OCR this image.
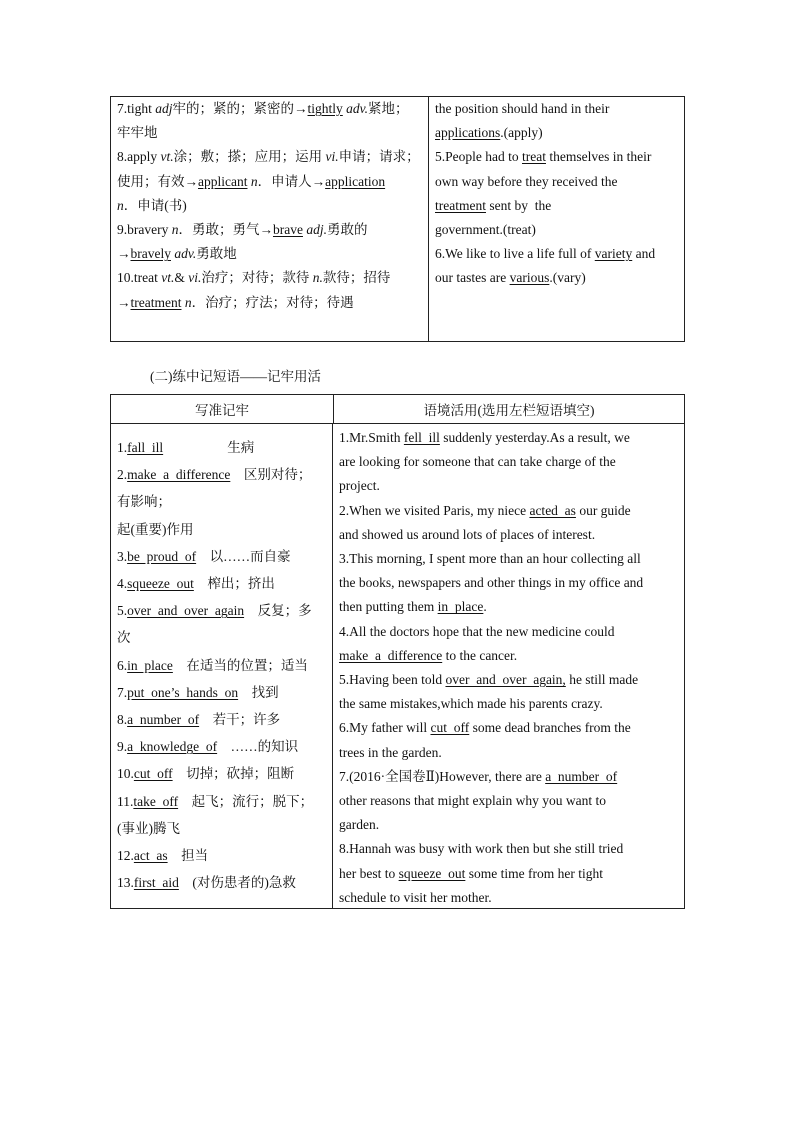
7.tight adj牢的；紧的；紧密的→tightly adv.紧地；
牢牢地
8.apply vt.涂；敷；搽；应用；运用 vi.申请；请求；
使用；有效→applicant n．申请人→application
n．申请(书)
9.bravery n．勇敢；勇气→brave adj.勇敢的
→bravely adv.勇敢地
10.treat vt.& vi.治疗；对待；款待 n.款待；招待
→treatment n．治疗；疗法；对待；待遇
the position should hand in their
applications.(apply)
5.People had to treat themselves in their
own way before they received the
treatment sent by  the
government.(treat)
6.We like to live a life full of variety and
our tastes are various.(vary)
(二)练中记短语——记牢用活
写准记牢	语境活用(选用左栏短语填空)
1.fall  ill                   生病
2.make  a  difference    区别对待；
有影响；
起(重要)作用
3.be  proud  of    以……而自豪
4.squeeze  out    榨出；挤出
5.over  and  over  again    反复；多
次
6.in  place    在适当的位置；适当
7.put  one’s  hands  on    找到
8.a  number  of    若干；许多
9.a  knowledge  of    ……的知识
10.cut  off    切掉；砍掉；阻断
11.take  off    起飞；流行；脱下；
(事业)腾飞
12.act  as    担当
13.first  aid    (对伤患者的)急救
1.Mr.Smith fell  ill suddenly yesterday.As a result, we
are looking for someone that can take charge of the
project.
2.When we visited Paris, my niece acted  as our guide
and showed us around lots of places of interest.
3.This morning, I spent more than an hour collecting all
the books, newspapers and other things in my office and
then putting them in  place.
4.All the doctors hope that the new medicine could
make  a  difference to the cancer.
5.Having been told over  and  over  again, he still made
the same mistakes,which made his parents crazy.
6.My father will cut  off some dead branches from the
trees in the garden.
7.(2016·全国卷Ⅱ)However, there are a  number  of
other reasons that might explain why you want to
garden.
8.Hannah was busy with work then but she still tried
her best to squeeze  out some time from her tight
schedule to visit her mother.
